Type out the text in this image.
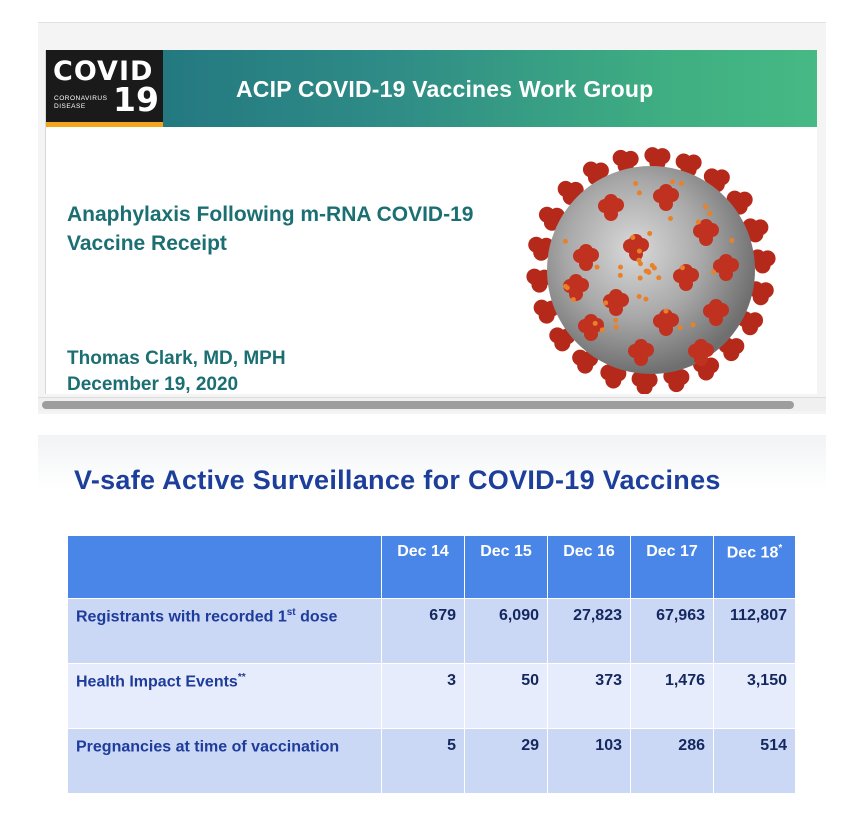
COVID
CORONAVIRUS DISEASE 19	ACIP COVID-19 Vaccines Work Group
Anaphylaxis Following m-RNA COVID-19 Vaccine Receipt
Thomas Clark, MD, MPH
December 19, 2020
V-safe Active Surveillance for COVID-19 Vaccines
	Dec 14	Dec 15	Dec 16	Dec 17	Dec 18*
Registrants with recorded 1st dose	679	6,090	27,823	67,963	112,807
Health Impact Events**	3	50	373	1,476	3,150
Pregnancies at time of vaccination	5	29	103	286	514
